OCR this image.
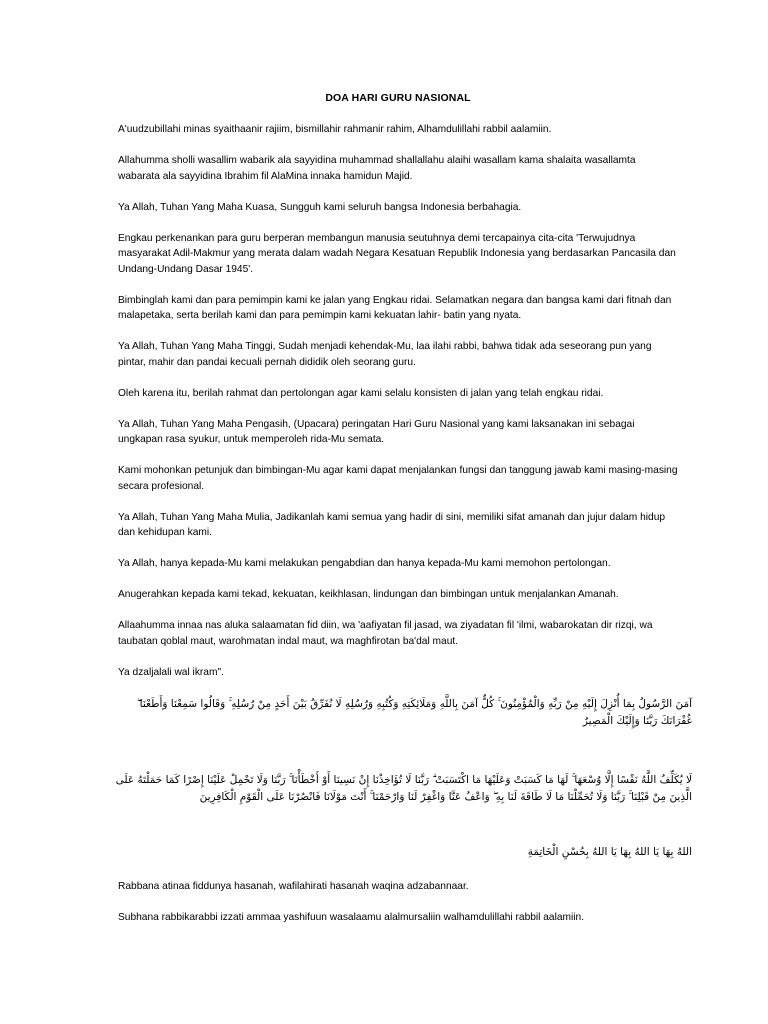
DOA HARI GURU NASIONAL

A'uudzubillahi minas syaithaanir rajiim, bismillahir rahmanir rahim, Alhamdulillahi rabbil aalamiin.

Allahumma sholli wasallim wabarik ala sayyidina muhammad shallallahu alaihi wasallam kama shalaita wasallamta wabarata ala sayyidina Ibrahim fil AlaMina innaka hamidun Majid.

Ya Allah, Tuhan Yang Maha Kuasa, Sungguh kami seluruh bangsa Indonesia berbahagia.

Engkau perkenankan para guru berperan membangun manusia seutuhnya demi tercapainya cita-cita 'Terwujudnya masyarakat Adil-Makmur yang merata dalam wadah Negara Kesatuan Republik Indonesia yang berdasarkan Pancasila dan Undang-Undang Dasar 1945'.

Bimbinglah kami dan para pemimpin kami ke jalan yang Engkau ridai. Selamatkan negara dan bangsa kami dari fitnah dan malapetaka, serta berilah kami dan para pemimpin kami kekuatan lahir- batin yang nyata.

Ya Allah, Tuhan Yang Maha Tinggi, Sudah menjadi kehendak-Mu, laa ilahi rabbi, bahwa tidak ada seseorang pun yang pintar, mahir dan pandai kecuali pernah dididik oleh seorang guru.

Oleh karena itu, berilah rahmat dan pertolongan agar kami selalu konsisten di jalan yang telah engkau ridai.

Ya Allah, Tuhan Yang Maha Pengasih, (Upacara) peringatan Hari Guru Nasional yang kami laksanakan ini sebagai ungkapan rasa syukur, untuk memperoleh rida-Mu semata.

Kami mohonkan petunjuk dan bimbingan-Mu agar kami dapat menjalankan fungsi dan tanggung jawab kami masing-masing secara profesional.

Ya Allah, Tuhan Yang Maha Mulia, Jadikanlah kami semua yang hadir di sini, memiliki sifat amanah dan jujur dalam hidup dan kehidupan kami.

Ya Allah, hanya kepada-Mu kami melakukan pengabdian dan hanya kepada-Mu kami memohon pertolongan.

Anugerahkan kepada kami tekad, kekuatan, keikhlasan, lindungan dan bimbingan untuk menjalankan Amanah.

Allaahumma innaa nas aluka salaamatan fid diin, wa 'aafiyatan fil jasad, wa ziyadatan fil 'ilmi, wabarokatan dir rizqi, wa taubatan qoblal maut, warohmatan indal maut, wa maghfirotan ba'dal maut.

Ya dzaljalali wal ikram".

آمَنَ الرَّسُولُ بِمَا أُنْزِلَ إِلَيْهِ مِنْ رَبِّهِ وَالْمُؤْمِنُونَ ۚ كُلٌّ آمَنَ بِاللَّهِ وَمَلَائِكَتِهِ وَكُتُبِهِ وَرُسُلِهِ لَا نُفَرِّقُ بَيْنَ أَحَدٍ مِنْ رُسُلِهِ ۚ وَقَالُوا سَمِعْنَا وَأَطَعْنَا ۖ غُفْرَانَكَ رَبَّنَا وَإِلَيْكَ الْمَصِيرُ

لَا يُكَلِّفُ اللَّهُ نَفْسًا إِلَّا وُسْعَهَا ۚ لَهَا مَا كَسَبَتْ وَعَلَيْهَا مَا اكْتَسَبَتْ ۗ رَبَّنَا لَا تُؤَاخِذْنَا إِنْ نَسِينَا أَوْ أَخْطَأْنَا ۚ رَبَّنَا وَلَا تَحْمِلْ عَلَيْنَا إِصْرًا كَمَا حَمَلْتَهُ عَلَى الَّذِينَ مِنْ قَبْلِنَا ۚ رَبَّنَا وَلَا تُحَمِّلْنَا مَا لَا طَاقَةَ لَنَا بِهِ ۖ وَاعْفُ عَنَّا وَاغْفِرْ لَنَا وَارْحَمْنَا ۚ أَنْتَ مَوْلَانَا فَانْصُرْنَا عَلَى الْقَوْمِ الْكَافِرِينَ

اللهُ بِهَا يَا اللهُ بِهَا يَا اللهُ بِحُسْنِ الْخَاتِمَةِ

Rabbana atinaa fiddunya hasanah, wafilahirati hasanah waqina adzabannaar.

Subhana rabbikarabbi izzati ammaa yashifuun wasalaamu alalmursaliin walhamdulillahi rabbil aalamiin.
